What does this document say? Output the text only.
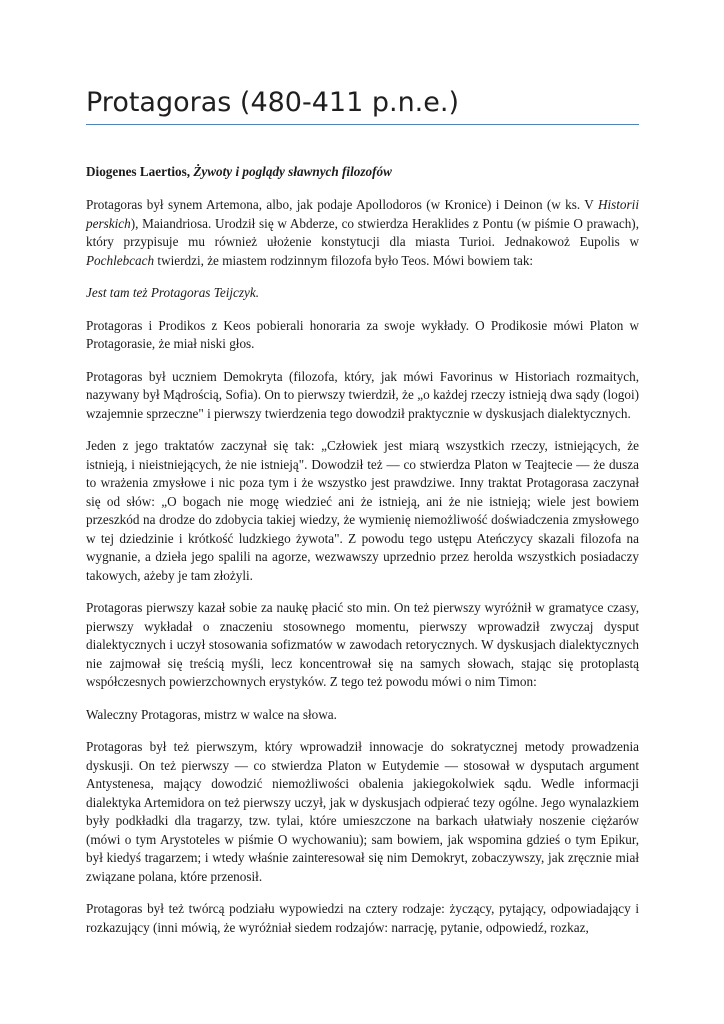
Protagoras (480-411 p.n.e.)
Diogenes Laertios, Żywoty i poglądy sławnych filozofów

Protagoras był synem Artemona, albo, jak podaje Apollodoros (w Kronice) i Deinon (w ks. V Historii perskich), Maiandriosa. Urodził się w Abderze, co stwierdza Heraklides z Pontu (w piśmie O prawach), który przypisuje mu również ułożenie konstytucji dla miasta Turioi. Jednakowoż Eupolis w Pochlebcach twierdzi, że miastem rodzinnym filozofa było Teos. Mówi bowiem tak:

Jest tam też Protagoras Teijczyk.

Protagoras i Prodikos z Keos pobierali honoraria za swoje wykłady. O Prodikosie mówi Platon w Protagorasie, że miał niski głos.

Protagoras był uczniem Demokryta (filozofa, który, jak mówi Favorinus w Historiach rozmaitych, nazywany był Mądrością, Sofia). On to pierwszy twierdził, że „o każdej rzeczy istnieją dwa sądy (logoi) wzajemnie sprzeczne" i pierwszy twierdzenia tego dowodził praktycznie w dyskusjach dialektycznych.

Jeden z jego traktatów zaczynał się tak: „Człowiek jest miarą wszystkich rzeczy, istniejących, że istnieją, i nieistniejących, że nie istnieją". Dowodził też — co stwierdza Platon w Teajtecie — że dusza to wrażenia zmysłowe i nic poza tym i że wszystko jest prawdziwe. Inny traktat Protagorasa zaczynał się od słów: „O bogach nie mogę wiedzieć ani że istnieją, ani że nie istnieją; wiele jest bowiem przeszkód na drodze do zdobycia takiej wiedzy, że wymienię niemożliwość doświadczenia zmysłowego w tej dziedzinie i krótkość ludzkiego żywota". Z powodu tego ustępu Ateńczycy skazali filozofa na wygnanie, a dzieła jego spalili na agorze, wezwawszy uprzednio przez herolda wszystkich posiadaczy takowych, ażeby je tam złożyli.

Protagoras pierwszy kazał sobie za naukę płacić sto min. On też pierwszy wyróżnił w gramatyce czasy, pierwszy wykładał o znaczeniu stosownego momentu, pierwszy wprowadził zwyczaj dysput dialektycznych i uczył stosowania sofizmatów w zawodach retorycznych. W dyskusjach dialektycznych nie zajmował się treścią myśli, lecz koncentrował się na samych słowach, stając się protoplastą współczesnych powierzchownych erystyków. Z tego też powodu mówi o nim Timon:

Waleczny Protagoras, mistrz w walce na słowa.

Protagoras był też pierwszym, który wprowadził innowacje do sokratycznej metody prowadzenia dyskusji. On też pierwszy — co stwierdza Platon w Eutydemie — stosował w dysputach argument Antystenesa, mający dowodzić niemożliwości obalenia jakiegokolwiek sądu. Wedle informacji dialektyka Artemidora on też pierwszy uczył, jak w dyskusjach odpierać tezy ogólne. Jego wynalazkiem były podkładki dla tragarzy, tzw. tylai, które umieszczone na barkach ułatwiały noszenie ciężarów (mówi o tym Arystoteles w piśmie O wychowaniu); sam bowiem, jak wspomina gdzieś o tym Epikur, był kiedyś tragarzem; i wtedy właśnie zainteresował się nim Demokryt, zobaczywszy, jak zręcznie miał związane polana, które przenosił.

Protagoras był też twórcą podziału wypowiedzi na cztery rodzaje: życzący, pytający, odpowiadający i rozkazujący (inni mówią, że wyróżniał siedem rodzajów: narrację, pytanie, odpowiedź, rozkaz,
